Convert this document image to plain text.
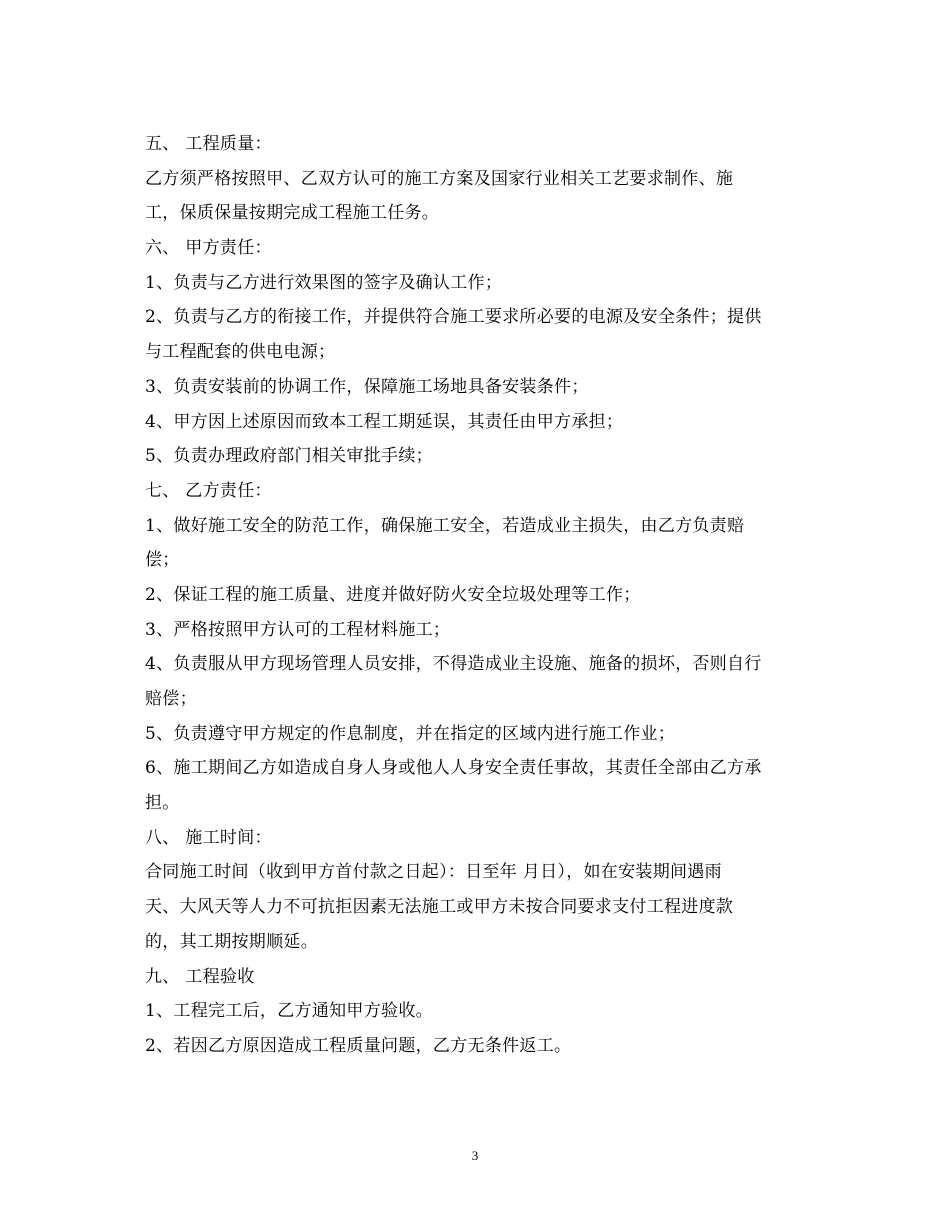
五、 工程质量：
乙方须严格按照甲、乙双方认可的施工方案及国家行业相关工艺要求制作、施
工，保质保量按期完成工程施工任务。
六、 甲方责任：
1、负责与乙方进行效果图的签字及确认工作；
2、负责与乙方的衔接工作，并提供符合施工要求所必要的电源及安全条件；提供
与工程配套的供电电源；
3、负责安装前的协调工作，保障施工场地具备安装条件；
4、甲方因上述原因而致本工程工期延误，其责任由甲方承担；
5、负责办理政府部门相关审批手续；
七、 乙方责任：
1、做好施工安全的防范工作，确保施工安全，若造成业主损失，由乙方负责赔
偿；
2、保证工程的施工质量、进度并做好防火安全垃圾处理等工作；
3、严格按照甲方认可的工程材料施工；
4、负责服从甲方现场管理人员安排，不得造成业主设施、施备的损坏，否则自行
赔偿；
5、负责遵守甲方规定的作息制度，并在指定的区域内进行施工作业；
6、施工期间乙方如造成自身人身或他人人身安全责任事故，其责任全部由乙方承
担。
八、 施工时间：
合同施工时间（收到甲方首付款之日起）：日至年 月日），如在安装期间遇雨
天、大风天等人力不可抗拒因素无法施工或甲方未按合同要求支付工程进度款
的，其工期按期顺延。
九、 工程验收
1、工程完工后，乙方通知甲方验收。
2、若因乙方原因造成工程质量问题，乙方无条件返工。
3
